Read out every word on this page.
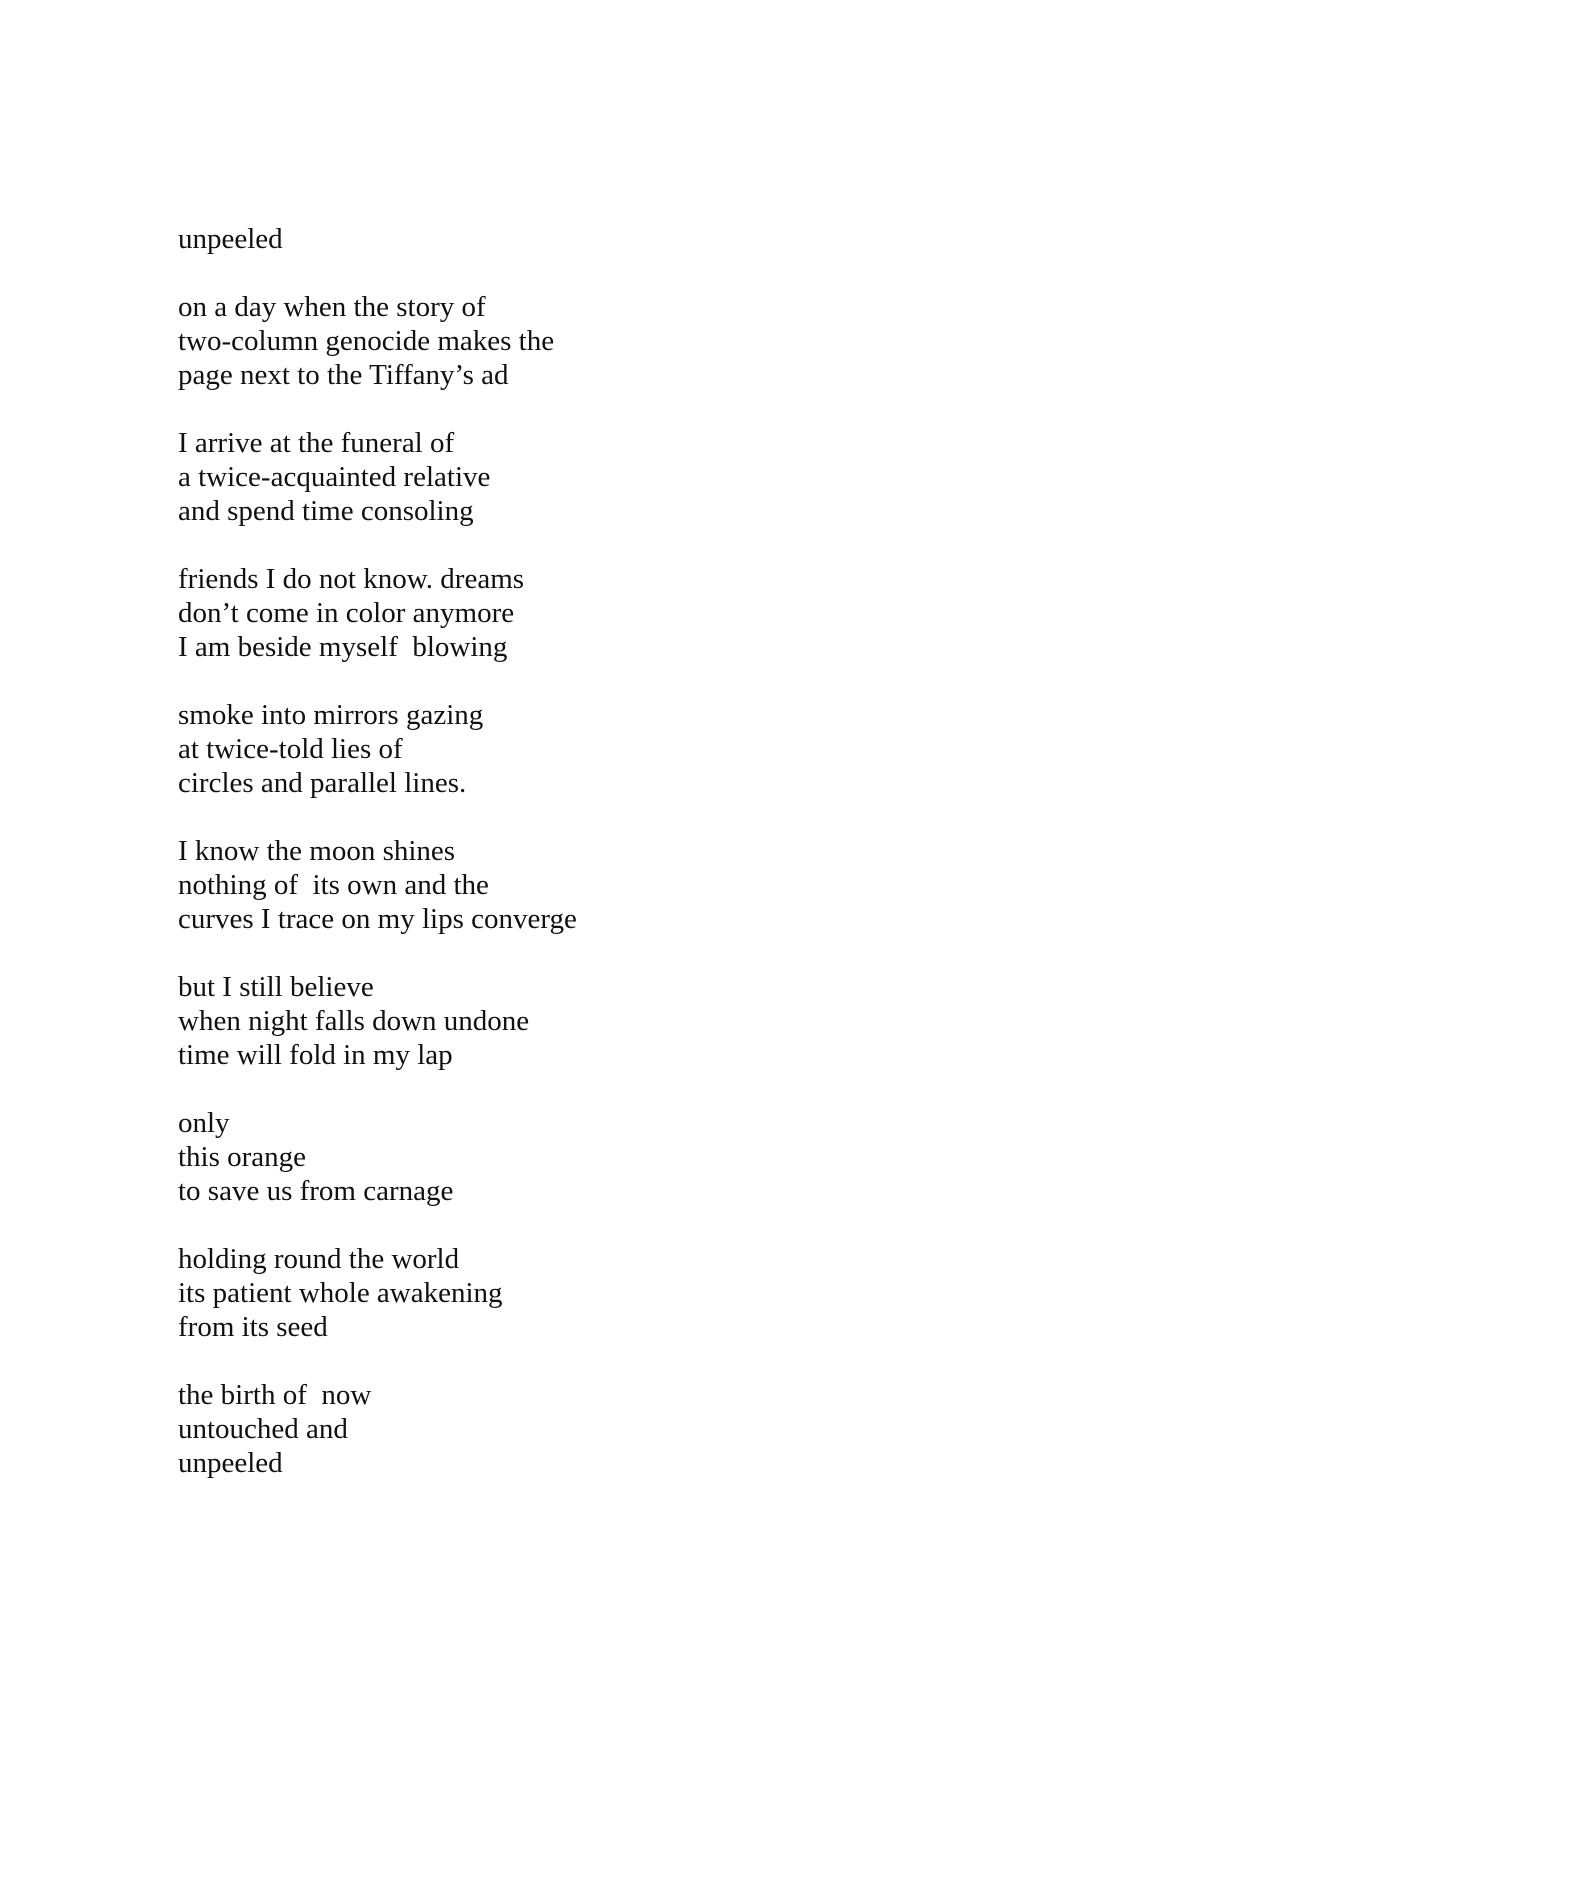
unpeeled
on a day when the story of
two-column genocide makes the
page next to the Tiffany’s ad
I arrive at the funeral of
a twice-acquainted relative
and spend time consoling
friends I do not know. dreams
don’t come in color anymore
I am beside myself  blowing
smoke into mirrors gazing
at twice-told lies of
circles and parallel lines.
I know the moon shines
nothing of  its own and the
curves I trace on my lips converge
but I still believe
when night falls down undone
time will fold in my lap
only
this orange
to save us from carnage
holding round the world
its patient whole awakening
from its seed
the birth of  now
untouched and
unpeeled
